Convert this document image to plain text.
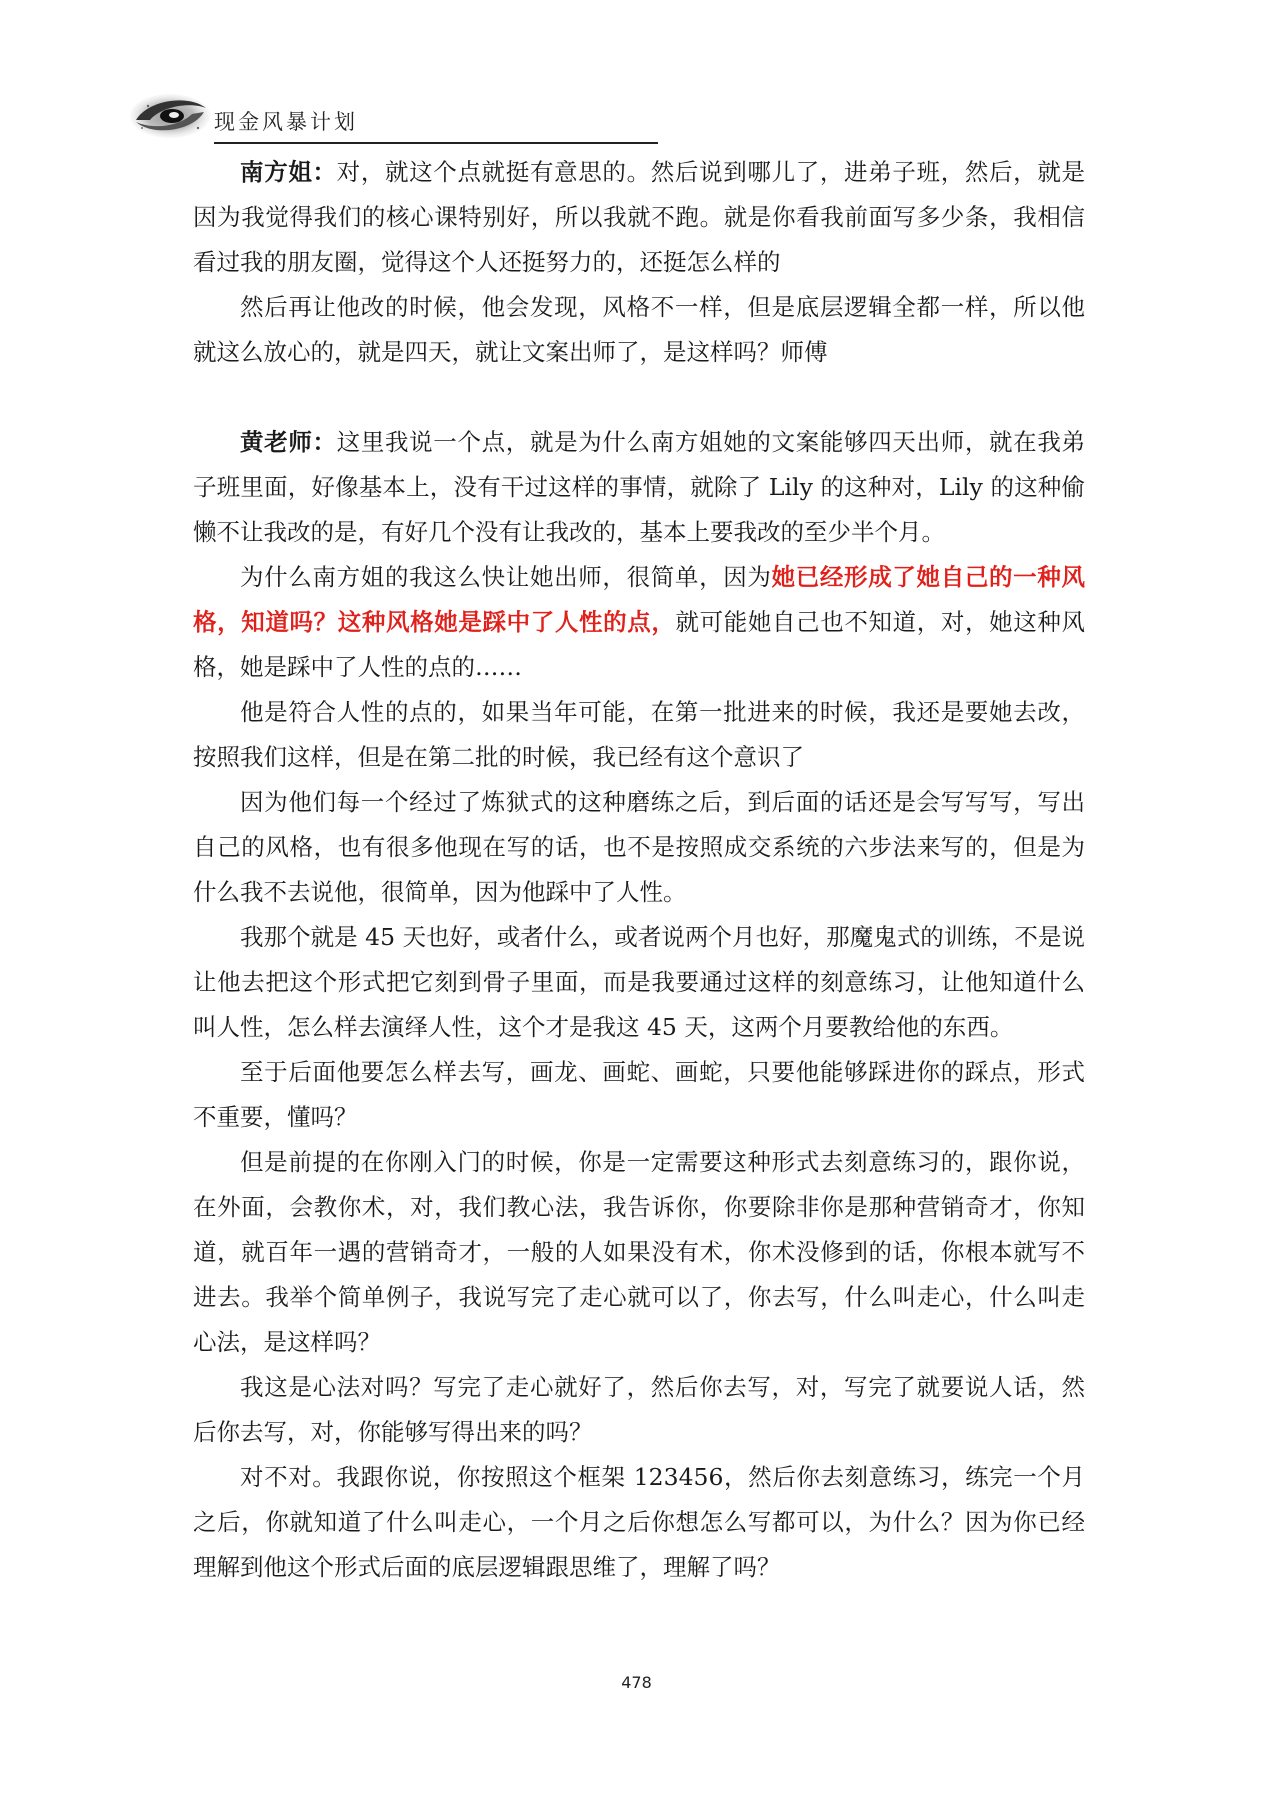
现金风暴计划

南方姐：对，就这个点就挺有意思的。然后说到哪儿了，进弟子班，然后，就是因为我觉得我们的核心课特别好，所以我就不跑。就是你看我前面写多少条，我相信看过我的朋友圈，觉得这个人还挺努力的，还挺怎么样的

然后再让他改的时候，他会发现，风格不一样，但是底层逻辑全都一样，所以他就这么放心的，就是四天，就让文案出师了，是这样吗？师傅

黄老师：这里我说一个点，就是为什么南方姐她的文案能够四天出师，就在我弟子班里面，好像基本上，没有干过这样的事情，就除了 Lily 的这种对，Lily 的这种偷懒不让我改的是，有好几个没有让我改的，基本上要我改的至少半个月。

为什么南方姐的我这么快让她出师，很简单，因为她已经形成了她自己的一种风格，知道吗？这种风格她是踩中了人性的点，就可能她自己也不知道，对，她这种风格，她是踩中了人性的点的……

他是符合人性的点的，如果当年可能，在第一批进来的时候，我还是要她去改，按照我们这样，但是在第二批的时候，我已经有这个意识了

因为他们每一个经过了炼狱式的这种磨练之后，到后面的话还是会写写写，写出自己的风格，也有很多他现在写的话，也不是按照成交系统的六步法来写的，但是为什么我不去说他，很简单，因为他踩中了人性。

我那个就是 45 天也好，或者什么，或者说两个月也好，那魔鬼式的训练，不是说让他去把这个形式把它刻到骨子里面，而是我要通过这样的刻意练习，让他知道什么叫人性，怎么样去演绎人性，这个才是我这 45 天，这两个月要教给他的东西。

至于后面他要怎么样去写，画龙、画蛇、画蛇，只要他能够踩进你的踩点，形式不重要，懂吗？

但是前提的在你刚入门的时候，你是一定需要这种形式去刻意练习的，跟你说，在外面，会教你术，对，我们教心法，我告诉你，你要除非你是那种营销奇才，你知道，就百年一遇的营销奇才，一般的人如果没有术，你术没修到的话，你根本就写不进去。我举个简单例子，我说写完了走心就可以了，你去写，什么叫走心，什么叫走心法，是这样吗？

我这是心法对吗？写完了走心就好了，然后你去写，对，写完了就要说人话，然后你去写，对，你能够写得出来的吗？

对不对。我跟你说，你按照这个框架 123456，然后你去刻意练习，练完一个月之后，你就知道了什么叫走心，一个月之后你想怎么写都可以，为什么？因为你已经理解到他这个形式后面的底层逻辑跟思维了，理解了吗？

478
